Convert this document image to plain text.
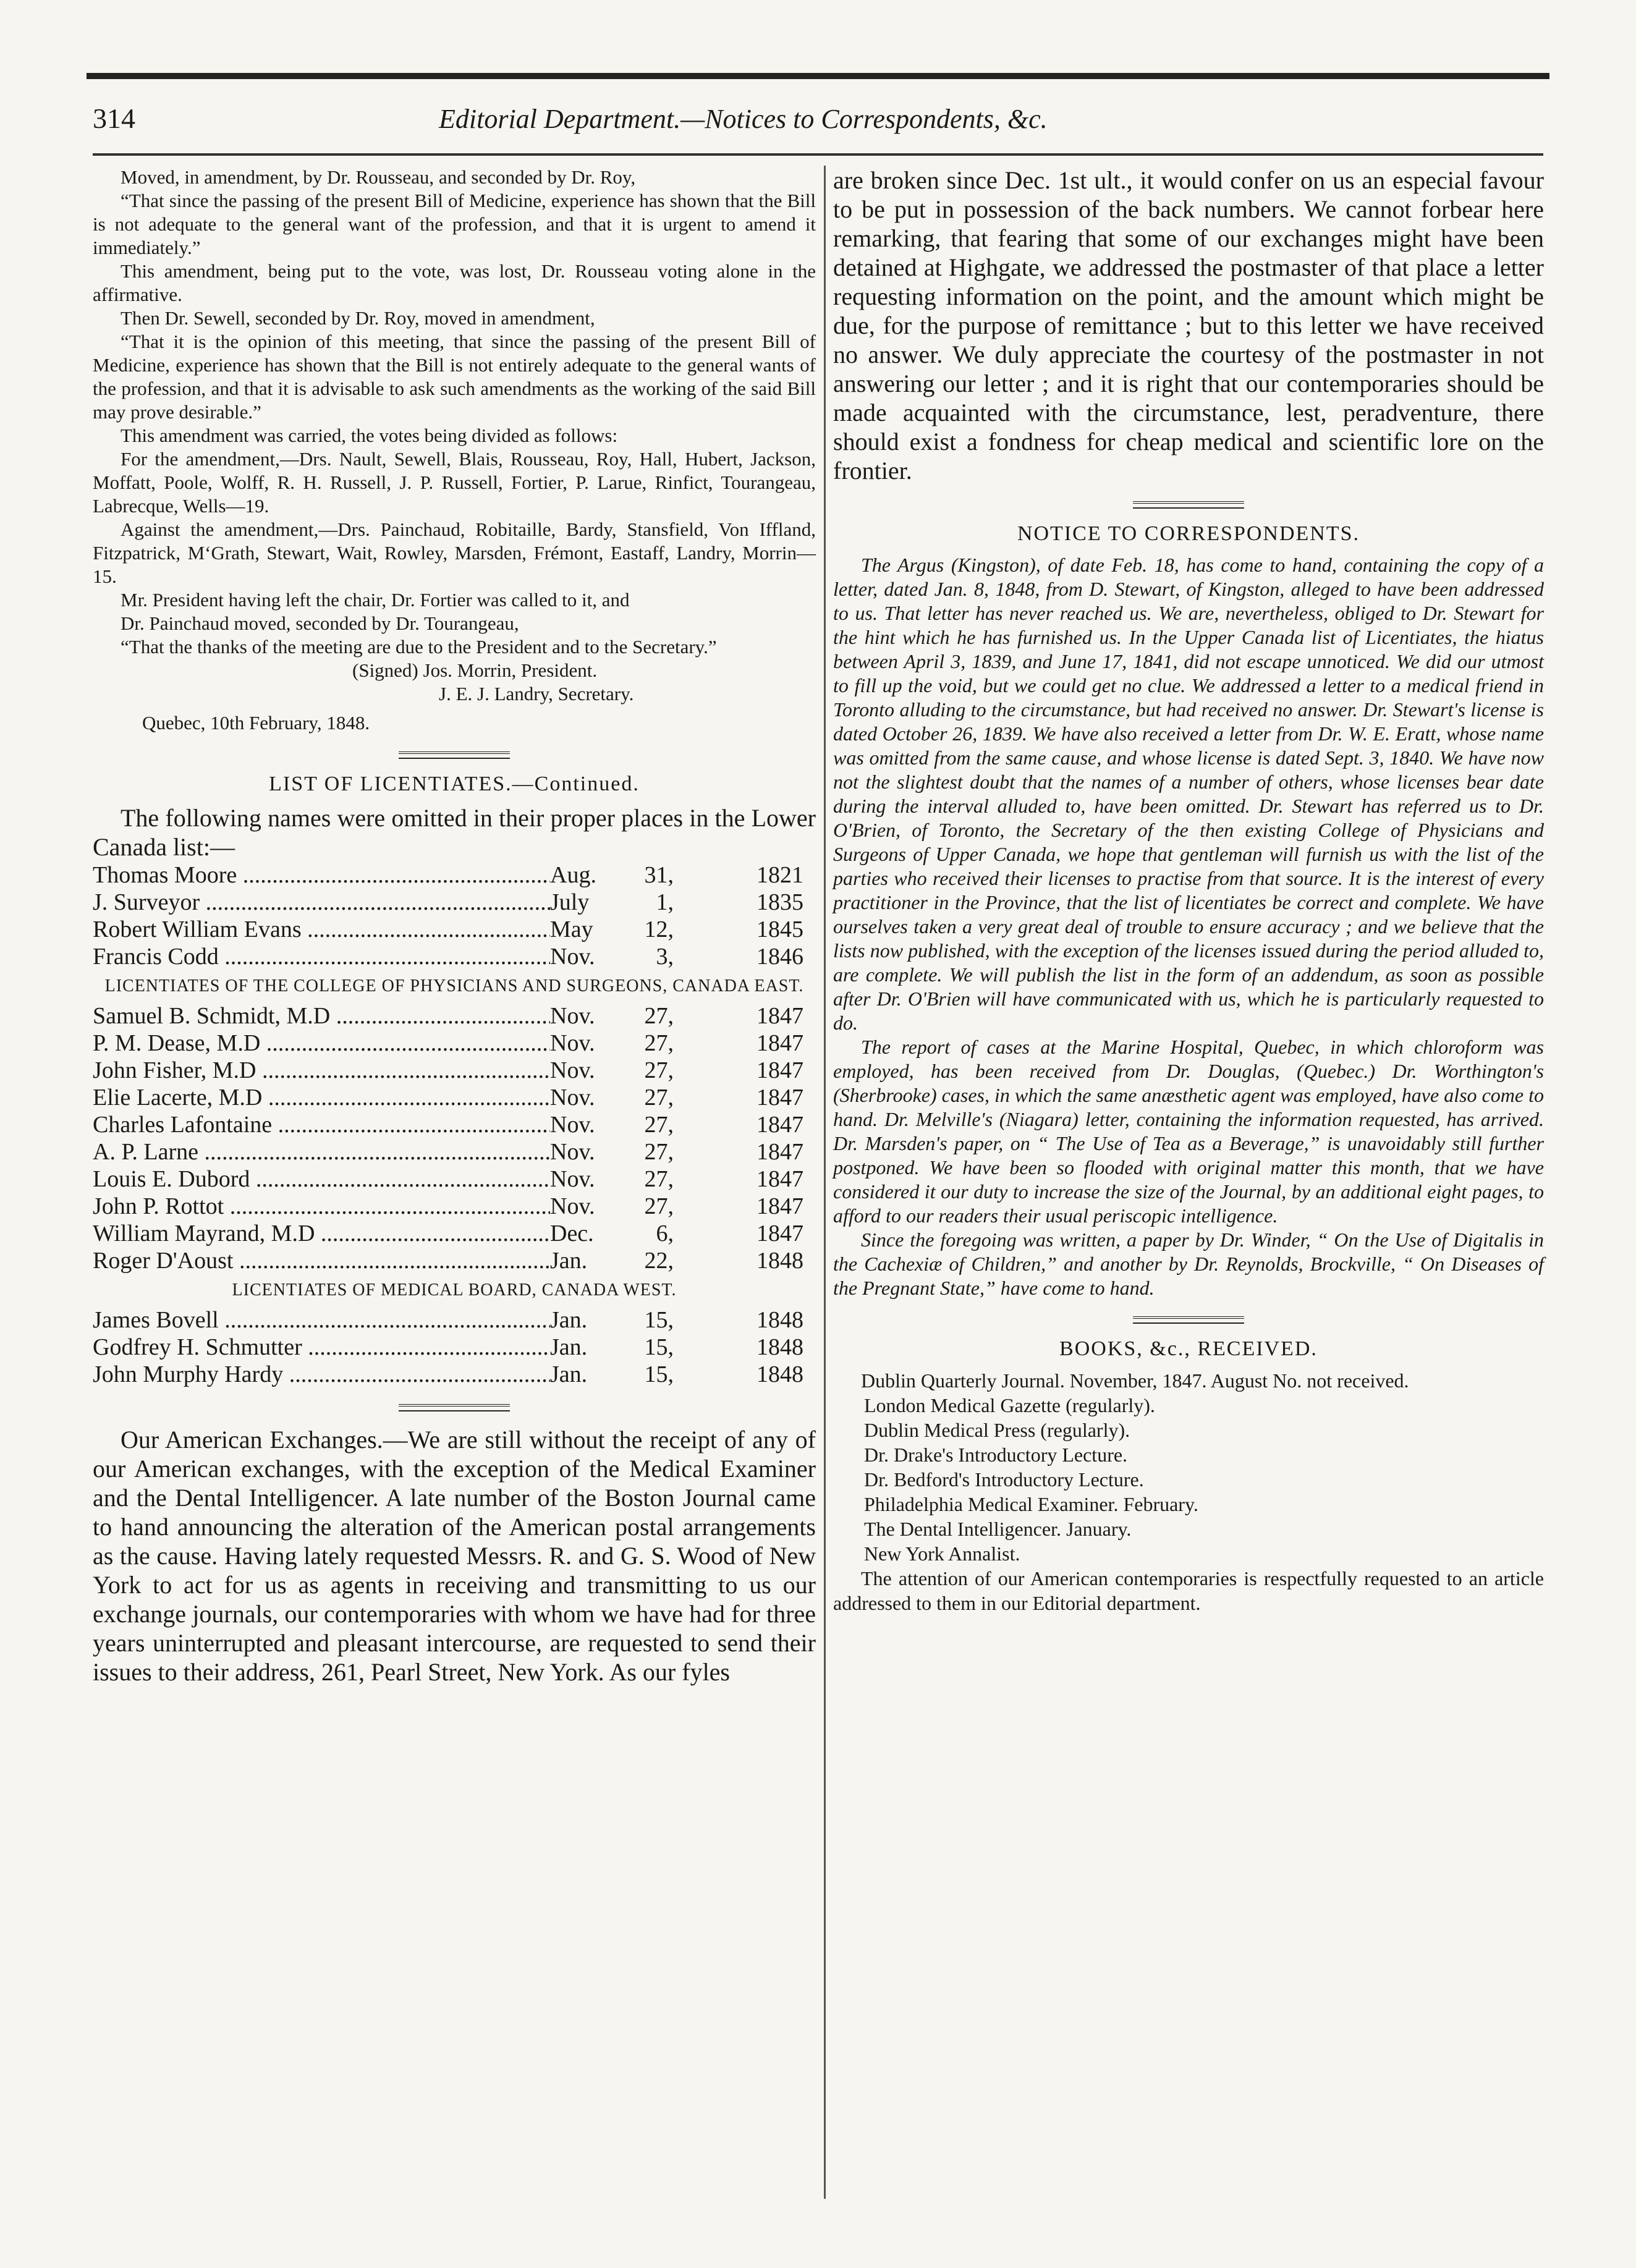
314	Editorial Department.—Notices to Correspondents, &c.

Moved, in amendment, by Dr. Rousseau, and seconded by Dr. Roy,

“That since the passing of the present Bill of Medicine, experience has shown that the Bill is not adequate to the general want of the profession, and that it is urgent to amend it immediately.”

This amendment, being put to the vote, was lost, Dr. Rousseau voting alone in the affirmative.

Then Dr. Sewell, seconded by Dr. Roy, moved in amendment,

“That it is the opinion of this meeting, that since the passing of the present Bill of Medicine, experience has shown that the Bill is not entirely adequate to the general wants of the profession, and that it is advisable to ask such amendments as the working of the said Bill may prove desirable.”

This amendment was carried, the votes being divided as follows:

For the amendment,—Drs. Nault, Sewell, Blais, Rousseau, Roy, Hall, Hubert, Jackson, Moffatt, Poole, Wolff, R. H. Russell, J. P. Russell, Fortier, P. Larue, Rinfict, Tourangeau, Labrecque, Wells—19.

Against the amendment,—Drs. Painchaud, Robitaille, Bardy, Stansfield, Von Iffland, Fitzpatrick, M‘Grath, Stewart, Wait, Rowley, Marsden, Frémont, Eastaff, Landry, Morrin—15.

Mr. President having left the chair, Dr. Fortier was called to it, and

Dr. Painchaud moved, seconded by Dr. Tourangeau,

“That the thanks of the meeting are due to the President and to the Secretary.”

(Signed) Jos. Morrin, President.
J. E. J. Landry, Secretary.
Quebec, 10th February, 1848.
LIST OF LICENTIATES.—Continued.

The following names were omitted in their proper places in the Lower Canada list:—

Thomas Moore .....	Aug.	31,	1821
J. Surveyor .....	July	1,	1835
Robert William Evans .....	May	12,	1845
Francis Codd .....	Nov.	3,	1846
LICENTIATES OF THE COLLEGE OF PHYSICIANS AND SURGEONS, CANADA EAST.
Samuel B. Schmidt, M.D .....	Nov.	27,	1847
P. M. Dease, M.D .....	Nov.	27,	1847
John Fisher, M.D .....	Nov.	27,	1847
Elie Lacerte, M.D .....	Nov.	27,	1847
Charles Lafontaine .....	Nov.	27,	1847
A. P. Larne .....	Nov.	27,	1847
Louis E. Dubord .....	Nov.	27,	1847
John P. Rottot .....	Nov.	27,	1847
William Mayrand, M.D .....	Dec.	6,	1847
Roger D'Aoust .....	Jan.	22,	1848
LICENTIATES OF MEDICAL BOARD, CANADA WEST.
James Bovell .....	Jan.	15,	1848
Godfrey H. Schmutter .....	Jan.	15,	1848
John Murphy Hardy .....	Jan.	15,	1848

Our American Exchanges.—We are still without the receipt of any of our American exchanges, with the exception of the Medical Examiner and the Dental Intelligencer. A late number of the Boston Journal came to hand announcing the alteration of the American postal arrangements as the cause. Having lately requested Messrs. R. and G. S. Wood of New York to act for us as agents in receiving and transmitting to us our exchange journals, our contemporaries with whom we have had for three years uninterrupted and pleasant intercourse, are requested to send their issues to their address, 261, Pearl Street, New York. As our fyles

are broken since Dec. 1st ult., it would confer on us an especial favour to be put in possession of the back numbers. We cannot forbear here remarking, that fearing that some of our exchanges might have been detained at Highgate, we addressed the postmaster of that place a letter requesting information on the point, and the amount which might be due, for the purpose of remittance ; but to this letter we have received no answer. We duly appreciate the courtesy of the postmaster in not answering our letter ; and it is right that our contemporaries should be made acquainted with the circumstance, lest, peradventure, there should exist a fondness for cheap medical and scientific lore on the frontier.

NOTICE TO CORRESPONDENTS.

The Argus (Kingston), of date Feb. 18, has come to hand, containing the copy of a letter, dated Jan. 8, 1848, from D. Stewart, of Kingston, alleged to have been addressed to us. That letter has never reached us. We are, nevertheless, obliged to Dr. Stewart for the hint which he has furnished us. In the Upper Canada list of Licentiates, the hiatus between April 3, 1839, and June 17, 1841, did not escape unnoticed. We did our utmost to fill up the void, but we could get no clue. We addressed a letter to a medical friend in Toronto alluding to the circumstance, but had received no answer. Dr. Stewart's license is dated October 26, 1839. We have also received a letter from Dr. W. E. Eratt, whose name was omitted from the same cause, and whose license is dated Sept. 3, 1840. We have now not the slightest doubt that the names of a number of others, whose licenses bear date during the interval alluded to, have been omitted. Dr. Stewart has referred us to Dr. O'Brien, of Toronto, the Secretary of the then existing College of Physicians and Surgeons of Upper Canada, we hope that gentleman will furnish us with the list of the parties who received their licenses to practise from that source. It is the interest of every practitioner in the Province, that the list of licentiates be correct and complete. We have ourselves taken a very great deal of trouble to ensure accuracy ; and we believe that the lists now published, with the exception of the licenses issued during the period alluded to, are complete. We will publish the list in the form of an addendum, as soon as possible after Dr. O'Brien will have communicated with us, which he is particularly requested to do.

The report of cases at the Marine Hospital, Quebec, in which chloroform was employed, has been received from Dr. Douglas, (Quebec.) Dr. Worthington's (Sherbrooke) cases, in which the same anæsthetic agent was employed, have also come to hand. Dr. Melville's (Niagara) letter, containing the information requested, has arrived. Dr. Marsden's paper, on “ The Use of Tea as a Beverage,” is unavoidably still further postponed. We have been so flooded with original matter this month, that we have considered it our duty to increase the size of the Journal, by an additional eight pages, to afford to our readers their usual periscopic intelligence.

Since the foregoing was written, a paper by Dr. Winder, “ On the Use of Digitalis in the Cachexiæ of Children,” and another by Dr. Reynolds, Brockville, “ On Diseases of the Pregnant State,” have come to hand.

BOOKS, &c., RECEIVED.

Dublin Quarterly Journal. November, 1847. August No. not received.

London Medical Gazette (regularly).
Dublin Medical Press (regularly).
Dr. Drake's Introductory Lecture.
Dr. Bedford's Introductory Lecture.
Philadelphia Medical Examiner. February.
The Dental Intelligencer. January.
New York Annalist.

The attention of our American contemporaries is respectfully requested to an article addressed to them in our Editorial department.
